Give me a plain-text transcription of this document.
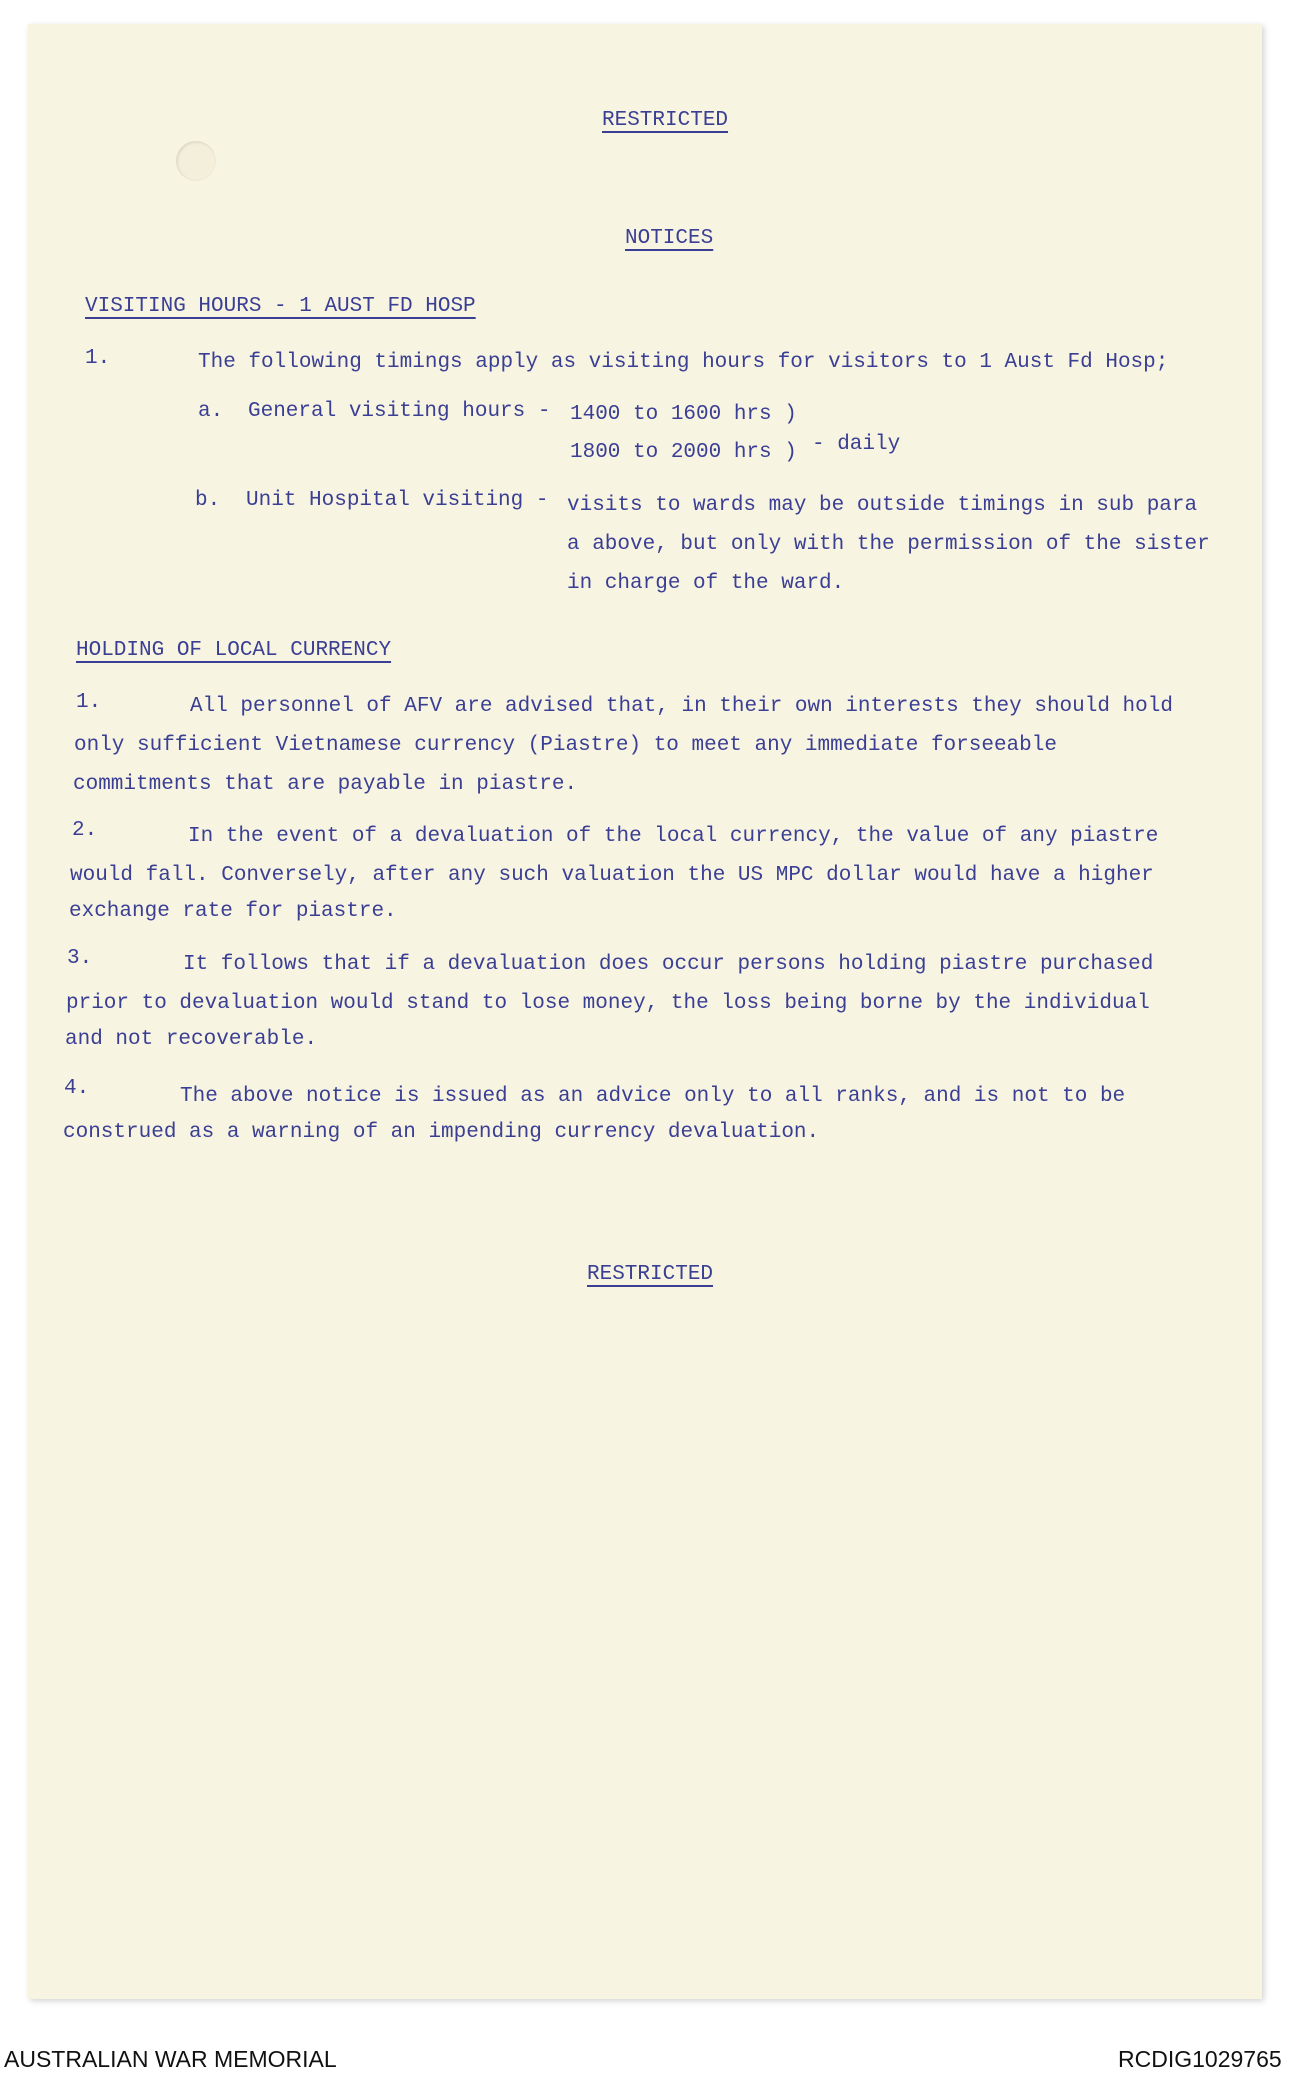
RESTRICTED
NOTICES
VISITING HOURS - 1 AUST FD HOSP
1.	The following timings apply as visiting hours for visitors to 1 Aust Fd Hosp;
a. General visiting hours - 1400 to 1600 hrs )
1800 to 2000 hrs ) - daily
b. Unit Hospital visiting - visits to wards may be outside timings in sub para
a above, but only with the permission of the sister
in charge of the ward.
HOLDING OF LOCAL CURRENCY
1.	All personnel of AFV are advised that, in their own interests they should hold
only sufficient Vietnamese currency (Piastre) to meet any immediate forseeable
commitments that are payable in piastre.
2.	In the event of a devaluation of the local currency, the value of any piastre
would fall. Conversely, after any such valuation the US MPC dollar would have a higher
exchange rate for piastre.
3.	It follows that if a devaluation does occur persons holding piastre purchased
prior to devaluation would stand to lose money, the loss being borne by the individual
and not recoverable.
4.	The above notice is issued as an advice only to all ranks, and is not to be
construed as a warning of an impending currency devaluation.
RESTRICTED
AUSTRALIAN WAR MEMORIAL	RCDIG1029765
